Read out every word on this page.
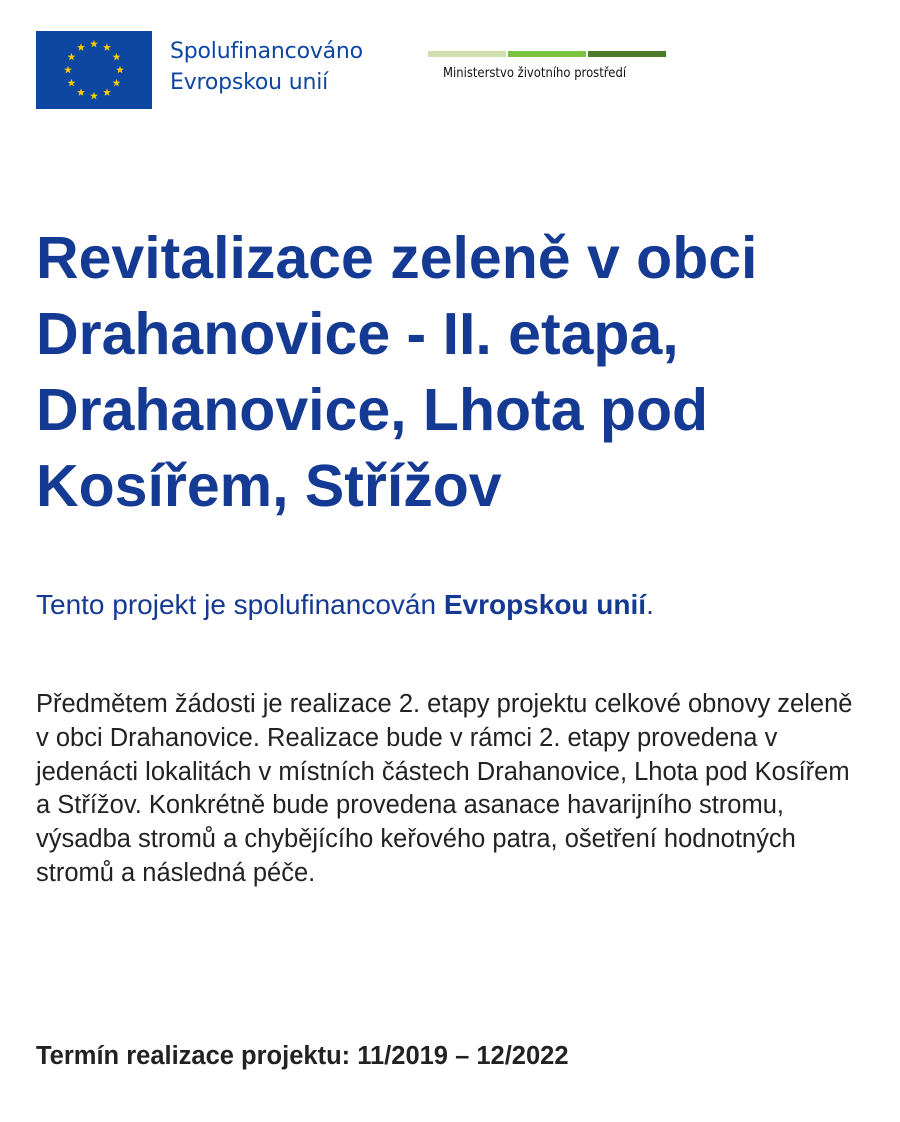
Spolufinancováno
Evropskou unií	Ministerstvo životního prostředí
Revitalizace zeleně v obci Drahanovice - II. etapa, Drahanovice, Lhota pod Kosířem, Střížov

Tento projekt je spolufinancován Evropskou unií.

Předmětem žádosti je realizace 2. etapy projektu celkové obnovy zeleně v obci Drahanovice. Realizace bude v rámci 2. etapy provedena v jedenácti lokalitách v místních částech Drahanovice, Lhota pod Kosířem a Střížov. Konkrétně bude provedena asanace havarijního stromu, výsadba stromů a chybějícího keřového patra, ošetření hodnotných stromů a následná péče.

Termín realizace projektu: 11/2019 – 12/2022
